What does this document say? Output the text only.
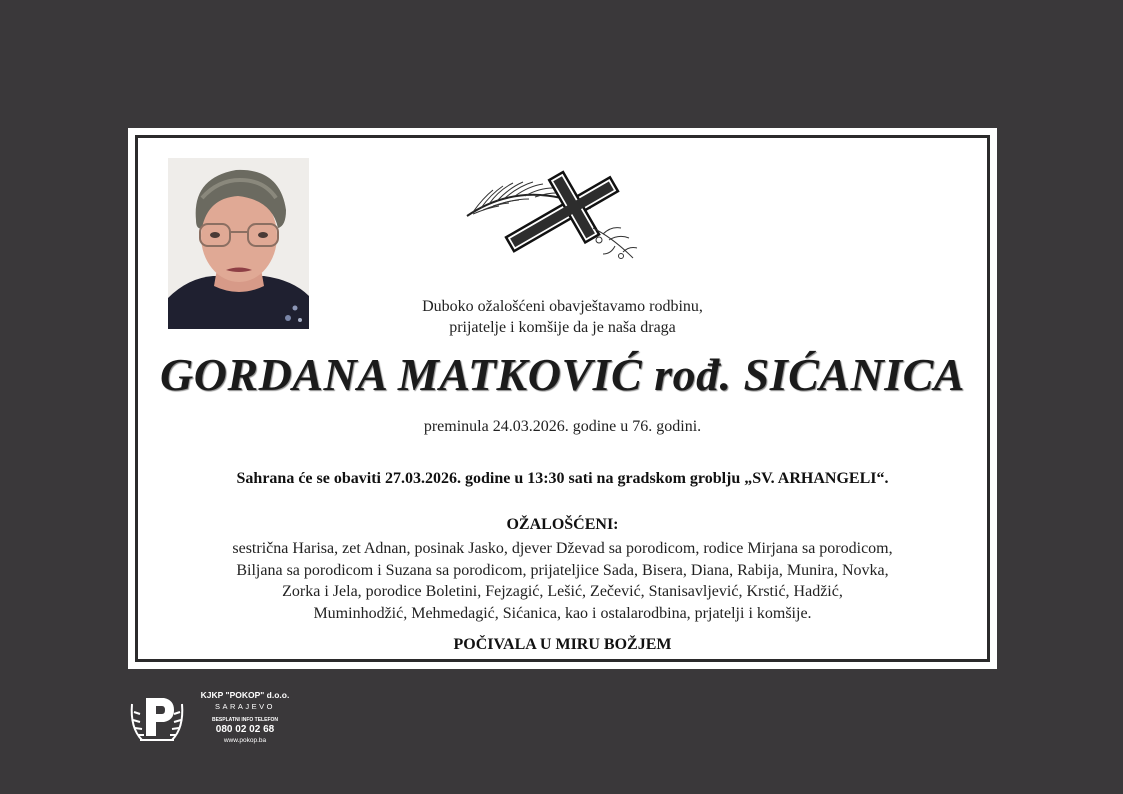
Duboko ožalošćeni obavještavamo rodbinu,
prijatelje i komšije da je naša draga
GORDANA MATKOVIĆ rođ. SIĆANICA
preminula 24.03.2026. godine u 76. godini.
Sahrana će se obaviti 27.03.2026. godine u 13:30 sati na gradskom groblju „SV. ARHANGELI“.
OŽALOŠĆENI:
sestrična Harisa, zet Adnan, posinak Jasko, djever Dževad sa porodicom, rodice Mirjana sa porodicom,
Biljana sa porodicom i Suzana sa porodicom, prijateljice Sada, Bisera, Diana, Rabija, Munira, Novka,
Zorka i Jela, porodice Boletini, Fejzagić, Lešić, Zečević, Stanisavljević, Krstić, Hadžić,
Muminhodžić, Mehmedagić, Sićanica, kao i ostalarodbina, prjatelji i komšije.
POČIVALA U MIRU BOŽJEM
KJKP "POKOP" d.o.o.
SARAJEVO
BESPLATNI INFO TELEFON
080 02 02 68
www.pokop.ba
